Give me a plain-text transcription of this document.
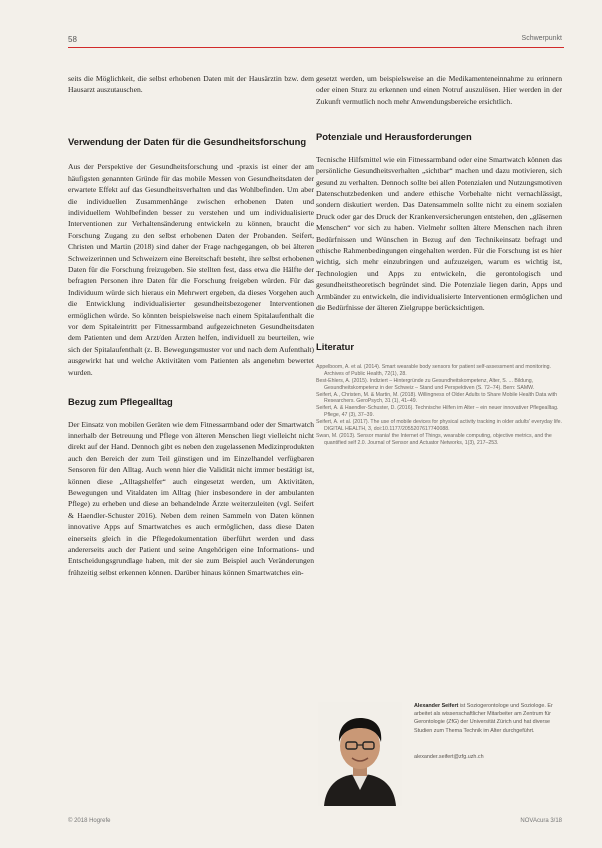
58	Schwerpunkt

seits die Möglichkeit, die selbst erhobenen Daten mit der Hausärztin bzw. dem Hausarzt auszutauschen.

Verwendung der Daten für die Gesundheitsforschung

Aus der Perspektive der Gesundheitsforschung und -praxis ist einer der am häufigsten genannten Gründe für das mobile Messen von Gesundheitsdaten der erwartete Effekt auf das Gesundheitsverhalten und das Wohlbefinden. Um aber die individuellen Zusammenhänge zwischen erhobenen Daten und individuellem Wohlbefinden besser zu verstehen und um individualisierte Interventionen zur Verhaltensänderung entwickeln zu können, braucht die Forschung Zugang zu den selbst erhobenen Daten der Probanden. Seifert, Christen und Martin (2018) sind daher der Frage nachgegangen, ob bei älteren Schweizerinnen und Schweizern eine Bereitschaft besteht, ihre selbst erhobenen Daten für die Forschung freizugeben. Sie stellten fest, dass etwa die Hälfte der befragten Personen ihre Daten für die Forschung freigeben würden. Für das Individuum würde sich hieraus ein Mehrwert ergeben, da dieses Vorgehen auch die Entwicklung individualisierter gesundheitsbezogener Interventionen ermöglichen würde. So könnten beispielsweise nach einem Spitalaufenthalt die vor dem Spitaleintritt per Fitnessarmband aufgezeichneten Gesundheitsdaten dem Patienten und dem Arzt/den Ärzten helfen, individuell zu beurteilen, wie sich der Spitalaufenthalt (z. B. Bewegungsmuster vor und nach dem Aufenthalt) ausgewirkt hat und welche Aktivitäten vom Patienten als angenehm bewertet wurden.

Bezug zum Pflegealltag

Der Einsatz von mobilen Geräten wie dem Fitnessarmband oder der Smartwatch innerhalb der Betreuung und Pflege von älteren Menschen liegt vielleicht nicht direkt auf der Hand. Dennoch gibt es neben den zugelassenen Medizinprodukten auch den Bereich der zum Teil günstigen und im Einzelhandel verfügbaren Sensoren für den Alltag. Auch wenn hier die Validität nicht immer bestätigt ist, können diese „Alltagshelfer“ auch eingesetzt werden, um Aktivitäten, Bewegungen und Vitaldaten im Alltag (hier insbesondere in der ambulanten Pflege) zu erheben und diese an behandelnde Ärzte weiterzuleiten (vgl. Seifert & Haendler-Schuster 2016). Neben dem reinen Sammeln von Daten können innovative Apps auf Smartwatches es auch ermöglichen, dass diese Daten einerseits gleich in die Pflegedokumentation überführt werden und dass andererseits auch der Patient und seine Angehörigen eine Informations- und Entscheidungsgrundlage haben, mit der sie zum Beispiel auch Veränderungen frühzeitig selbst erkennen können. Darüber hinaus können Smartwatches ein-

gesetzt werden, um beispielsweise an die Medikamenteneinnahme zu erinnern oder einen Sturz zu erkennen und einen Notruf auszulösen. Hier werden in der Zukunft vermutlich noch mehr Anwendungsbereiche ersichtlich.

Potenziale und Herausforderungen

Tecnische Hilfsmittel wie ein Fitnessarmband oder eine Smartwatch können das persönliche Gesundheitsverhalten „sichtbar“ machen und dazu motivieren, sich gesund zu verhalten. Dennoch sollte bei allen Potenzialen und Nutzungsmotiven Datenschutzbedenken und andere ethische Vorbehalte nicht vernachlässigt, sondern diskutiert werden. Das Datensammeln sollte nicht zu einem sozialen Druck oder gar des Druck der Krankenversicherungen entstehen, den „gläsernen Menschen“ vor sich zu haben. Vielmehr sollten ältere Menschen nach ihren Bedürfnissen und Wünschen in Bezug auf den Technikeinsatz befragt und ethische Rahmenbedingungen eingehalten werden. Für die Forschung ist es hier wichtig, sich mehr einzubringen und aufzuzeigen, warum es wichtig ist, Technologien und Apps zu entwickeln, die gerontologisch und gesundheitstheoretisch begründet sind. Die Potenziale liegen darin, Apps und Armbänder zu entwickeln, die individualisierte Interventionen ermöglichen und die Bedürfnisse der älteren Zielgruppe berücksichtigen.

Literatur
Appelboom, A. et al. (2014). Smart wearable body sensors for patient self-assessment and monitoring. Archives of Public Health, 72(1), 28.
Best-Ehlers, A. (2015). Indiziert – Hintergründe zu Gesundheitskompetenz, Alter, S. ... Bildung, Gesundheitskompetenz in der Schweiz – Stand und Perspektiven (S. 72–74). Bern: SAMW.
Seifert, A., Christen, M. & Martin, M. (2018). Willingness of Older Adults to Share Mobile Health Data with Researchers. GeroPsych, 31 (1), 41–49.
Seifert, A. & Haendler-Schuster, D. (2016). Technische Hilfen im Alter – ein neuer innovativer Pflegealltag. Pflege, 47 (3), 37–39.
Seifert, A. et al. (2017). The use of mobile devices for physical activity tracking in older adults' everyday life. DIGITAL HEALTH, 3, doi:10.1177/2055207617740088.
Swan, M. (2013). Sensor mania! the Internet of Things, wearable computing, objective metrics, and the quantified self 2.0. Journal of Sensor and Actuator Networks, 1(3), 217–253.
Alexander Seifert ist Soziogerontologe und Soziologe. Er arbeitet als wissenschaftlicher Mitarbeiter am Zentrum für Gerontologie (ZfG) der Universität Zürich und hat diverse Studien zum Thema Technik im Alter durchgeführt.
alexander.seifert@zfg.uzh.ch
© 2018 Hogrefe	NOVAcura 3/18
